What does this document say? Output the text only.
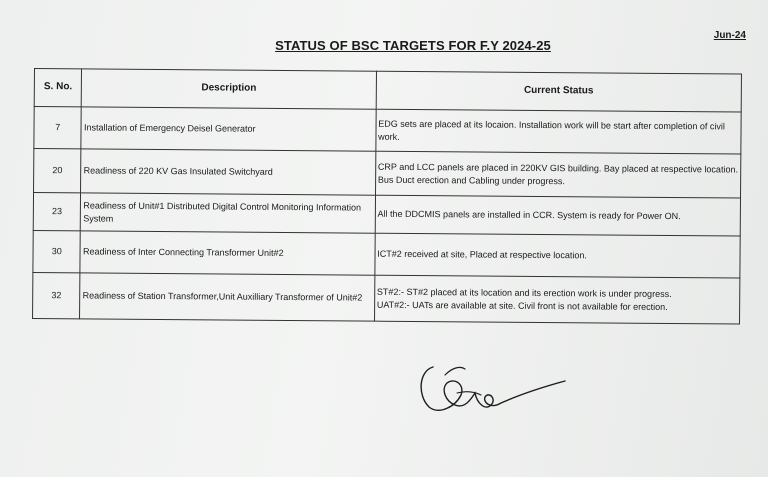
Jun-24
STATUS OF BSC TARGETS FOR F.Y 2024-25
S. No.	Description	Current Status
7	Installation of Emergency Deisel Generator	EDG sets are placed at its locaion. Installation work will be start after completion of civil work.
20	Readiness of 220 KV Gas Insulated Switchyard	CRP and LCC panels are placed in 220KV GIS building. Bay placed at respective location. Bus Duct erection and Cabling under progress.
23	Readiness of Unit#1 Distributed Digital Control Monitoring Information System	All the DDCMIS panels are installed in CCR. System is ready for Power ON.
30	Readiness of Inter Connecting Transformer Unit#2	ICT#2 received at site, Placed at respective location.
32	Readiness of Station Transformer,Unit Auxilliary Transformer of Unit#2	ST#2:- ST#2 placed at its location and its erection work is under progress.
UAT#2:- UATs are available at site. Civil front is not available for erection.
